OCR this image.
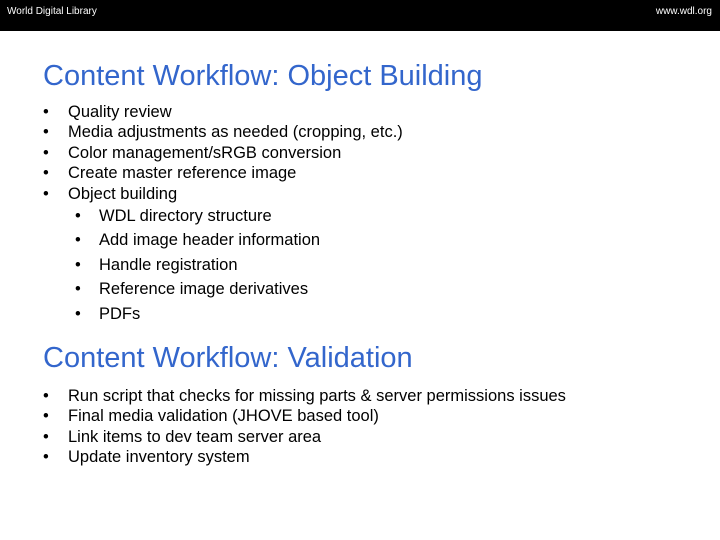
World Digital Library	www.wdl.org
Content Workflow: Object Building
• Quality review
• Media adjustments as needed (cropping, etc.)
• Color management/sRGB conversion
• Create master reference image
• Object building
• WDL directory structure
• Add image header information
• Handle registration
• Reference image derivatives
• PDFs
Content Workflow: Validation
• Run script that checks for missing parts & server permissions issues
• Final media validation (JHOVE based tool)
• Link items to dev team server area
• Update inventory system
